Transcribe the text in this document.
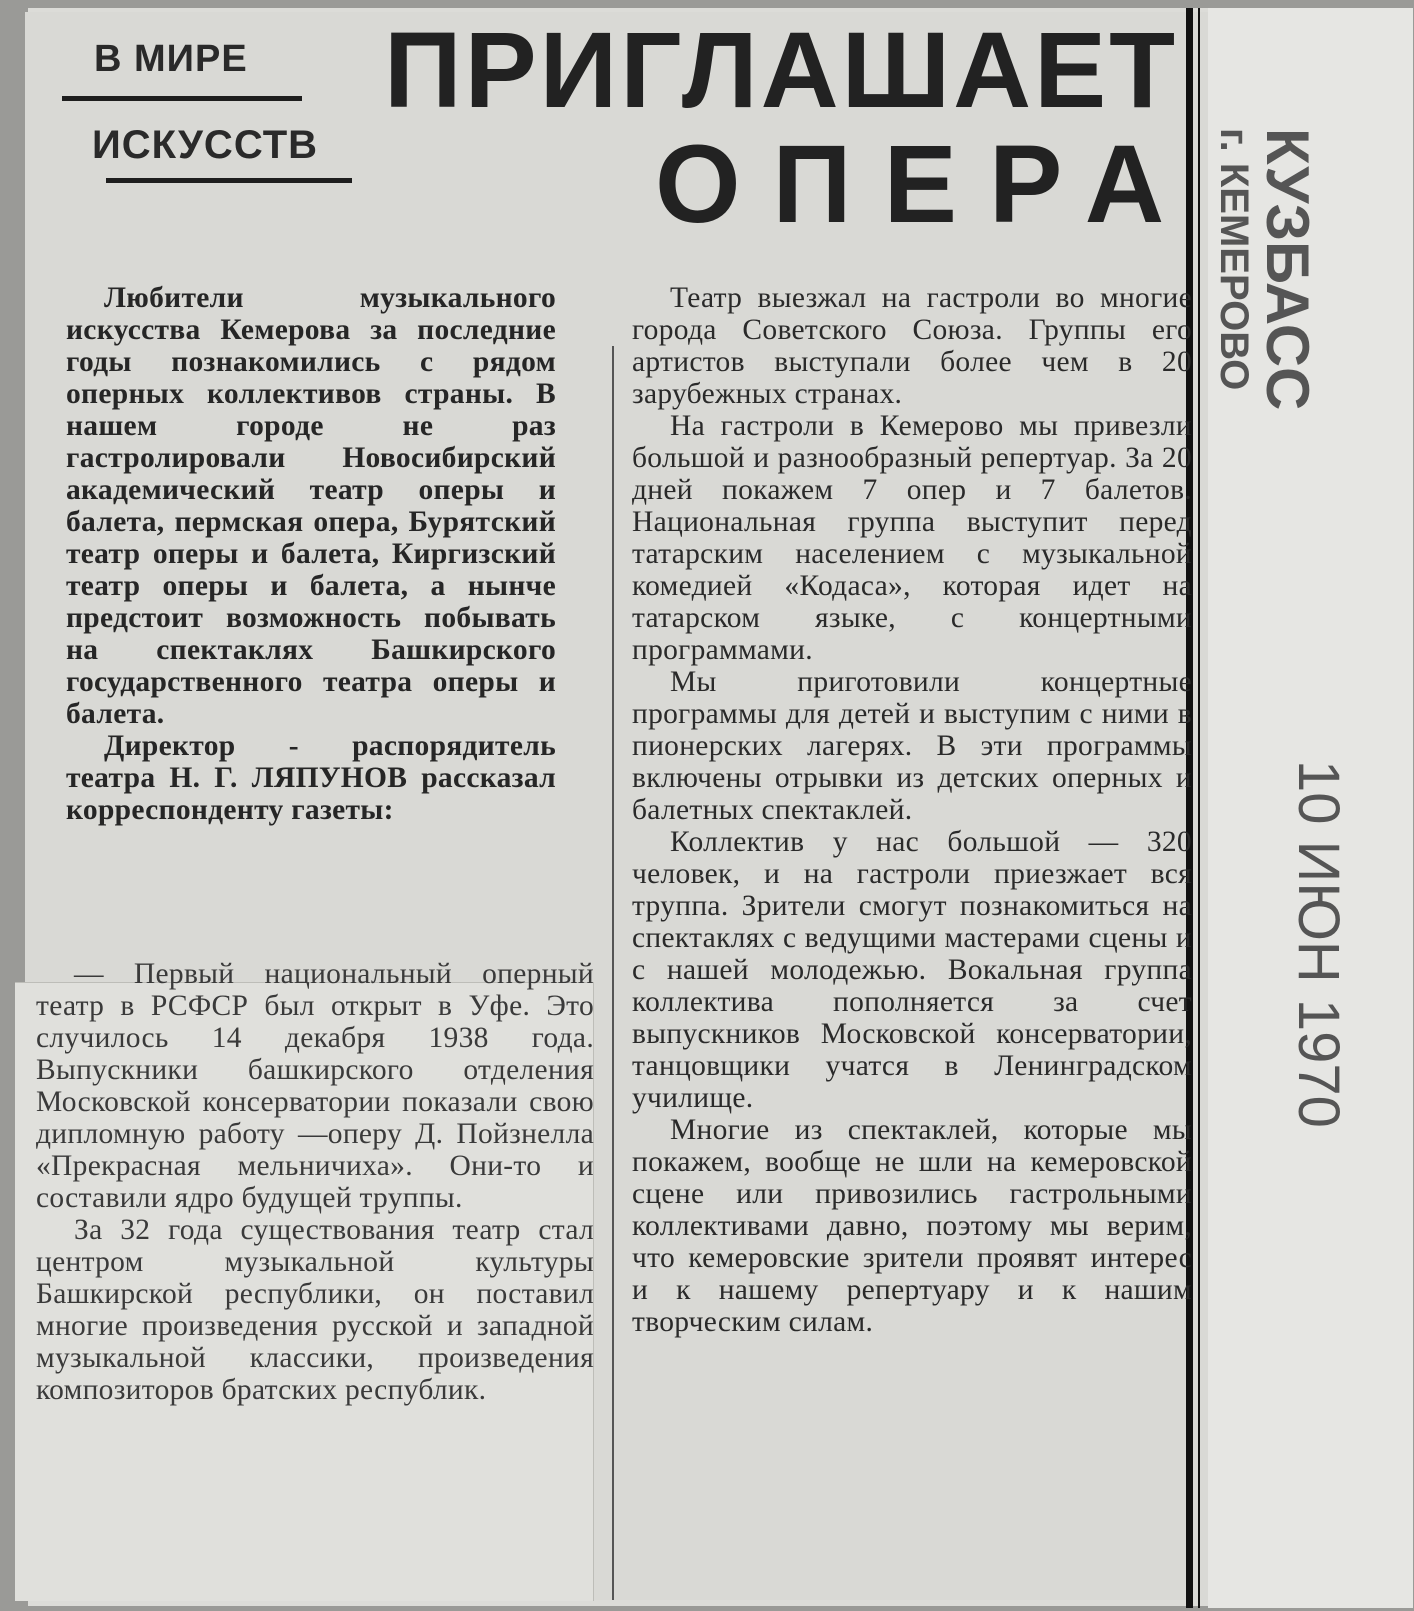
В МИРЕ

ИСКУССТВ

ПРИГЛАШАЕТ
ОПЕРА

Любители музыкального искусства Кемерова за последние годы познакомились с рядом оперных коллективов страны. В нашем городе не раз гастролировали Новосибирский академический театр оперы и балета, пермская опера, Бурятский театр оперы и балета, Киргизский театр оперы и балета, а нынче предстоит возможность побывать на спектаклях Башкирского государственного театра оперы и балета.

Директор - распорядитель театра Н. Г. ЛЯПУНОВ рассказал корреспонденту газеты:

— Первый национальный оперный театр в РСФСР был открыт в Уфе. Это случилось 14 декабря 1938 года. Выпускники башкирского отделения Московской консерватории показали свою дипломную работу —оперу Д. Пойзнелла «Прекрасная мельничиха». Они-то и составили ядро будущей труппы.

За 32 года существования театр стал центром музыкальной культуры Башкирской республики, он поставил многие произведения русской и западной музыкальной классики, произведения композиторов братских республик.

Театр выезжал на гастроли во многие города Советского Союза. Группы его артистов выступали более чем в 20 зарубежных странах.

На гастроли в Кемерово мы привезли большой и разнообразный репертуар. За 20 дней покажем 7 опер и 7 балетов. Национальная группа выступит перед татарским населением с музыкальной комедией «Кодаса», которая идет на татарском языке, с концертными программами.

Мы приготовили концертные программы для детей и выступим с ними в пионерских лагерях. В эти программы включены отрывки из детских оперных и балетных спектаклей.

Коллектив у нас большой — 320 человек, и на гастроли приезжает вся труппа. Зрители смогут познакомиться на спектаклях с ведущими мастерами сцены и с нашей молодежью. Вокальная группа коллектива пополняется за счет выпускников Московской консерватории, танцовщики учатся в Ленинградском училище.

Многие из спектаклей, которые мы покажем, вообще не шли на кемеровской сцене или привозились гастрольными коллективами давно, поэтому мы верим, что кемеровские зрители проявят интерес и к нашему репертуару и к нашим творческим силам.

КУЗБАСС
г. КЕМЕРОВО
10 ИЮН 1970
